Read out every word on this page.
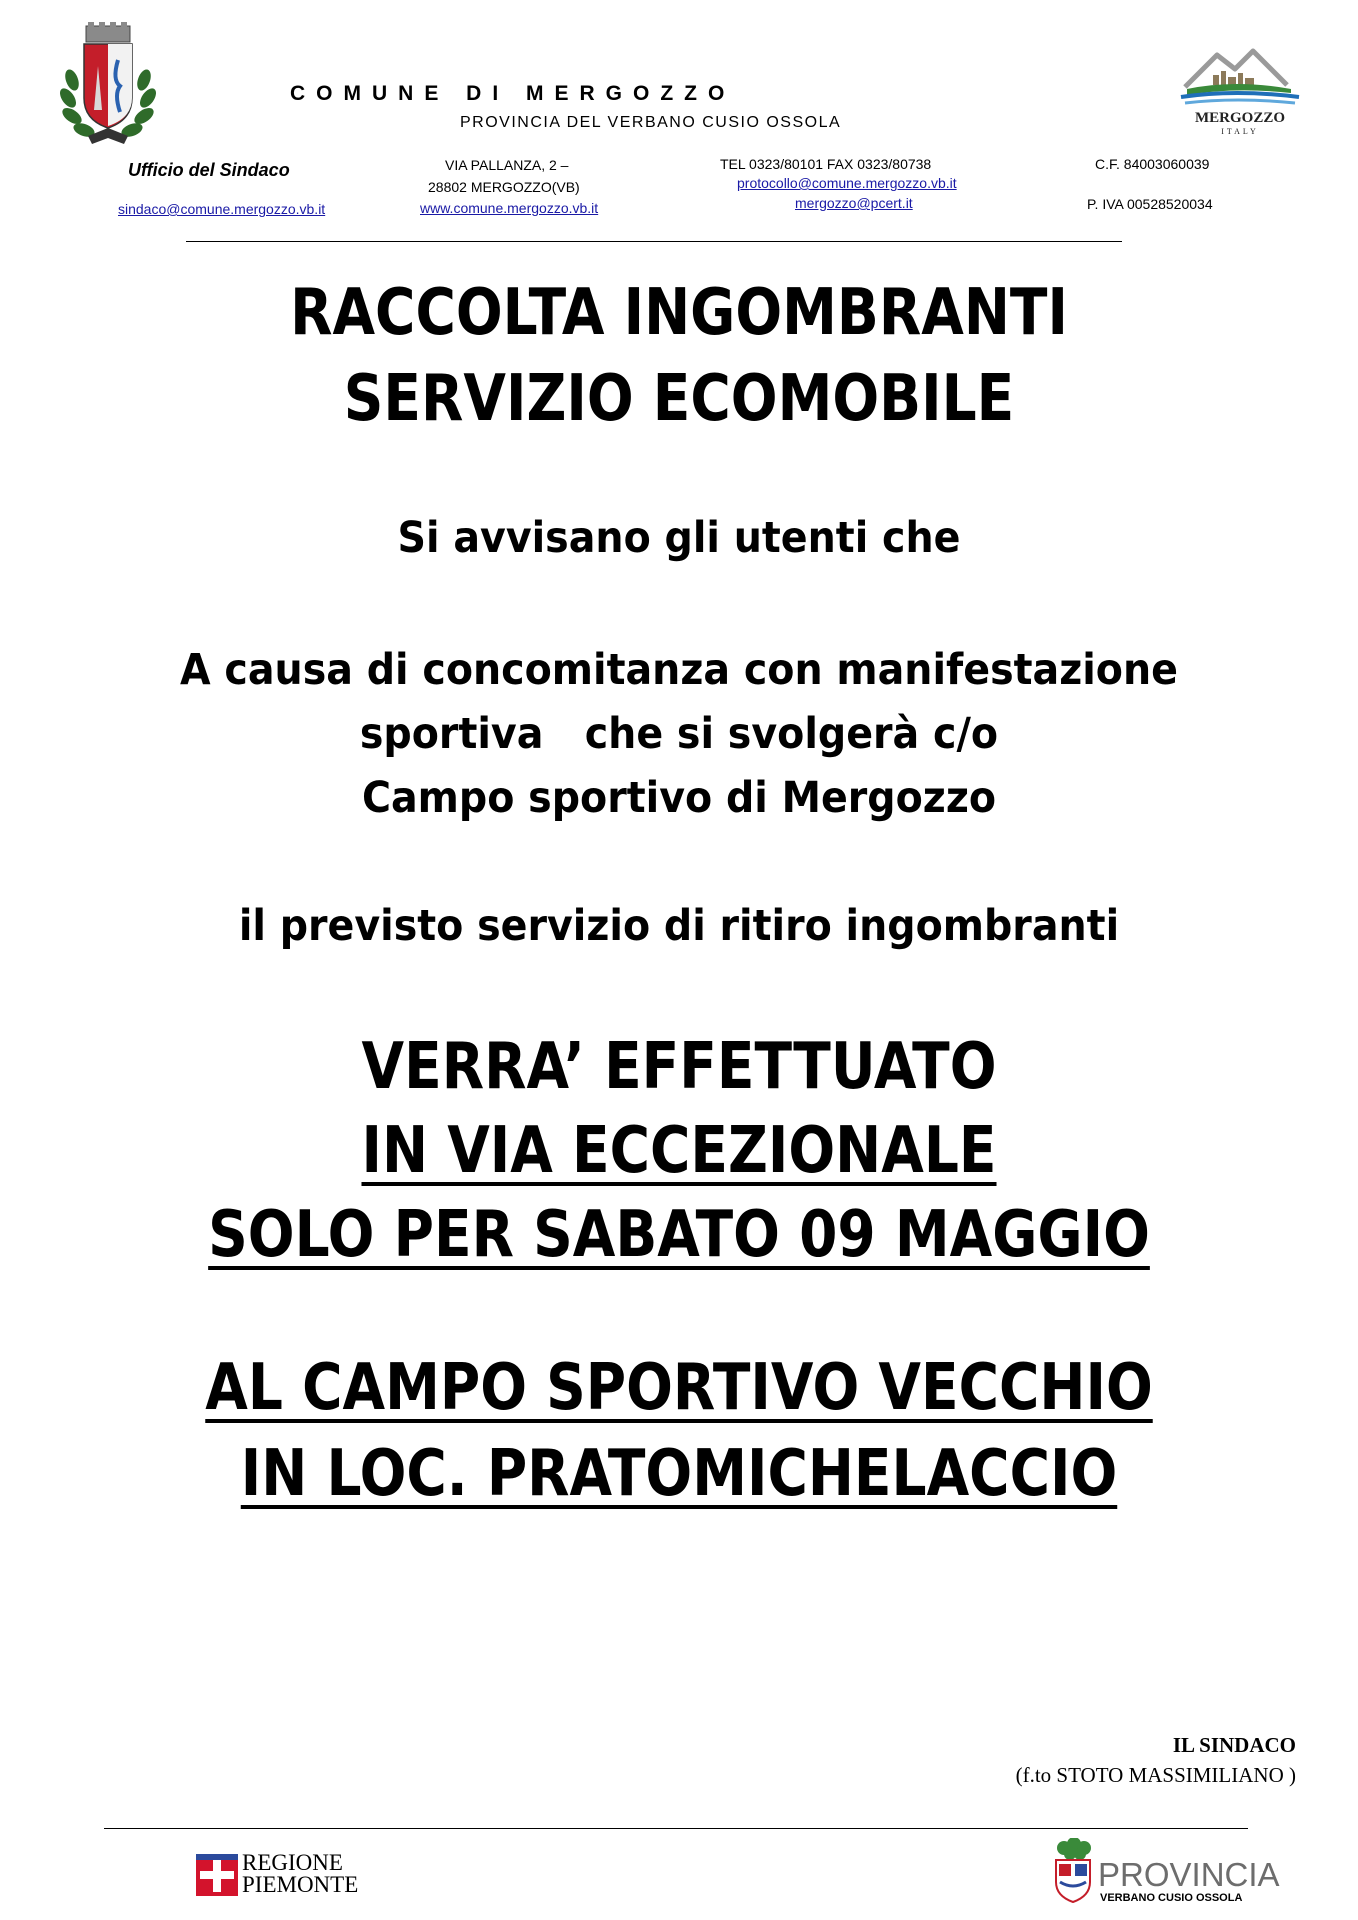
COMUNE DI MERGOZZO
PROVINCIA DEL VERBANO CUSIO OSSOLA
Ufficio del Sindaco
sindaco@comune.mergozzo.vb.it
VIA PALLANZA, 2 –
28802 MERGOZZO(VB)
www.comune.mergozzo.vb.it
TEL 0323/80101 FAX 0323/80738
protocollo@comune.mergozzo.vb.it
mergozzo@pcert.it
C.F. 84003060039
P. IVA 00528520034
MERGOZZO
ITALY
RACCOLTA INGOMBRANTI
SERVIZIO ECOMOBILE
Si avvisano gli utenti che
A causa di concomitanza con manifestazione
sportiva   che si svolgerà c/o
Campo sportivo di Mergozzo
il previsto servizio di ritiro ingombranti
VERRA’ EFFETTUATO
IN VIA ECCEZIONALE
SOLO PER SABATO 09 MAGGIO
AL CAMPO SPORTIVO VECCHIO
IN LOC. PRATOMICHELACCIO
IL SINDACO
(f.to STOTO MASSIMILIANO )
REGIONE
PIEMONTE	PROVINCIA
VERBANO CUSIO OSSOLA
